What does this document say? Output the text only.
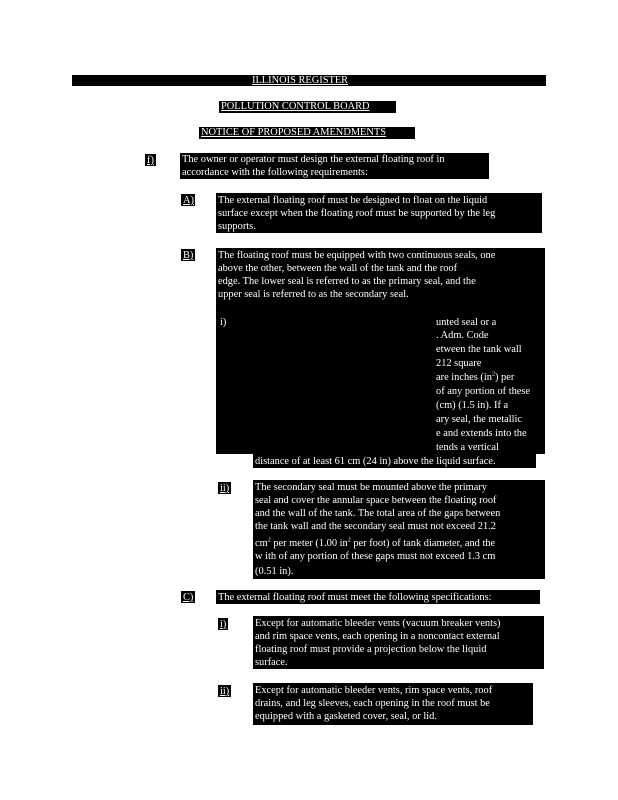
ILLINOIS REGISTER
POLLUTION CONTROL BOARD
NOTICE OF PROPOSED AMENDMENTS
f)	The owner or operator must design the external floating roof in
accordance with the following requirements:
A) The external floating roof must be designed to float on the liquid
surface except when the floating roof must be supported by the leg
supports.
B) The floating roof must be equipped with two continuous seals, one
above the other, between the wall of the tank and the roof
edge. The lower seal is referred to as the primary seal, and the
upper seal is referred to as the secondary seal.
i)	unted seal or a
. Adm. Code
etween the tank wall
212 square
are inches $(in^2)$ per
of any portion of these
(cm) (1.5 in). If a
ary seal, the metallic
e and extends into the
tends a vertical
distance of at least 61 cm (24 in) above the liquid surface.
ii) The secondary seal must be mounted above the primary
seal and cover the annular space between the floating roof
and the wall of the tank. The total area of the gaps between
the tank wall and the secondary seal must not exceed 21.2
$cm^2$ per meter (1.00 $in^2$ per foot) of tank diameter, and the
w ith of any portion of these gaps must not exceed 1.3 cm
(0.51 in).
C) The external floating roof must meet the following specifications:
i)	Except for automatic bleeder vents (vacuum breaker vents)
and rim space vents, each opening in a noncontact external
floating roof must provide a projection below the liquid
surface.
ii) Except for automatic bleeder vents, rim space vents, roof
drains, and leg sleeves, each opening in the roof must be
equipped with a gasketed cover, seal, or lid.
